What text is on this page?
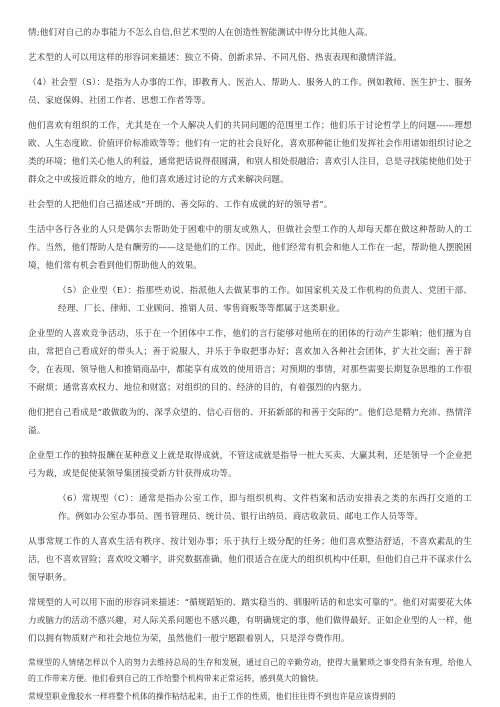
情;他们对自己的办事能力不怎么自信,但艺术型的人在创造性智能测试中得分比其他人高。

艺术型的人可以用这样的形容词来描述：独立不倚、创新求异、不同凡俗、热衷表现和激情洋溢。

（4）社会型（S）：是指为人办事的工作，即教育人、医治人、帮助人、服务人的工作。例如教师、医生护士、服务员、家庭保姆、社团工作者、思想工作者等等。

他们喜欢有组织的工作，尤其是在一个人解决人们的共同问题的范围里工作；他们乐于讨论哲学上的问题------理想欧、人生态度欧、价值评价标准欧等等；他们有一定的社会良好化，喜欢那种能让他们发挥社会作用诸如组织讨论之类的环境；他们关心他人的利益，通常把话说得很圆满，和别人相处很融洽；喜欢引人注目，总是寻找能使他们处于群众之中或接近群众的地方，他们喜欢通过讨论的方式来解决问题。

社会型的人把他们自己描述成“开朗的、善交际的、工作有成就的好的领导者”。

生活中各行各业的人只是偶尔去帮助处于困难中的朋友或熟人，但做社会型工作的人却每天都在做这种帮助人的工作。当然，他们帮助人是有酬劳的——这是他们的工作。因此，他们经常有机会和他人工作在一起，帮助他人摆脱困境，他们常有机会看到他们帮助他人的效果。

（5）企业型（E）：指那些劝说、指派他人去做某事的工作。如国家机关及工作机构的负责人、党团干部、经理、厂长、律师、工业顾问、推销人员、零售商贩等等都属于这类职业。

企业型的人喜欢竞争活动，乐于在一个团体中工作，他们的言行能够对他所在的团体的行动产生影响；他们擅为自由，常把自己看成好的带头人；善于说服人，并乐于争取把事办好；喜欢加入各种社会团体，扩大社交面；善于辞令，在表现、领导他人和推销商品中，都能享有成效的使用语言；对预期的事情，对那些需要长期复杂思维的工作很不耐烦；通常喜欢权力、地位和财富；对组织的目的、经济的目的，有着强烈的内驱力。

他们把自己看成是“敢做敢为的、深孚众望的、信心百倍的、开拓新部的和善于交际的”。他们总是精力充沛、热情洋溢。

企业型工作的独特报酬在某种意义上就是取得成就，不管这成就是指导一桩大买卖、大赢其利，还是领导一个企业把弓为裁，或是促使某领导集团接受新方针获得成功等。

（6）常规型（C）：通常是指办公室工作，即与组织机构、文件档案和活动安排表之类的东西打交道的工作。例如办公室办事员、图书管理员、统计员、银行出纳员、商店收款员、邮电工作人员等等。

从事常规工作的人喜欢生活有秩序、按计划办事；乐于执行上级分配的任务；他们喜欢整洁舒适，不喜欢素乱的生活，也不喜欢冒险；喜欢咬文嚼字，讲究数据准确，他们很适合在庞大的组织机构中任职，但他们自己并不谋求什么领导职务。

常规型的人可以用下面的形容词来描述：“循规蹈矩的、踏实稳当的、驯服听话的和忠实可靠的”。他们对需要花大体力或脑力的活动不感兴趣，对人际关系问题也不感兴趣，有明确规定的事，他们做得最好。正如企业型的人一样，他们以拥有物质财产和社会地位为荣，虽然他们一般宁愿跟着别人，只是浮夸费作用。

常规型的人情绪怎样以个人的努力去维持总局的生存和发展，通过自己的辛勤劳动，使得大量繁琐之事变得有条有理，给他人的工作带来方便。他们看到自己的工作给整个机构带来正常运转，感到莫大的愉快。

常规型职业像胶水一样将整个机体的操作粘结起来，由于工作的性质，他们往往得不到也许是应该得到的
